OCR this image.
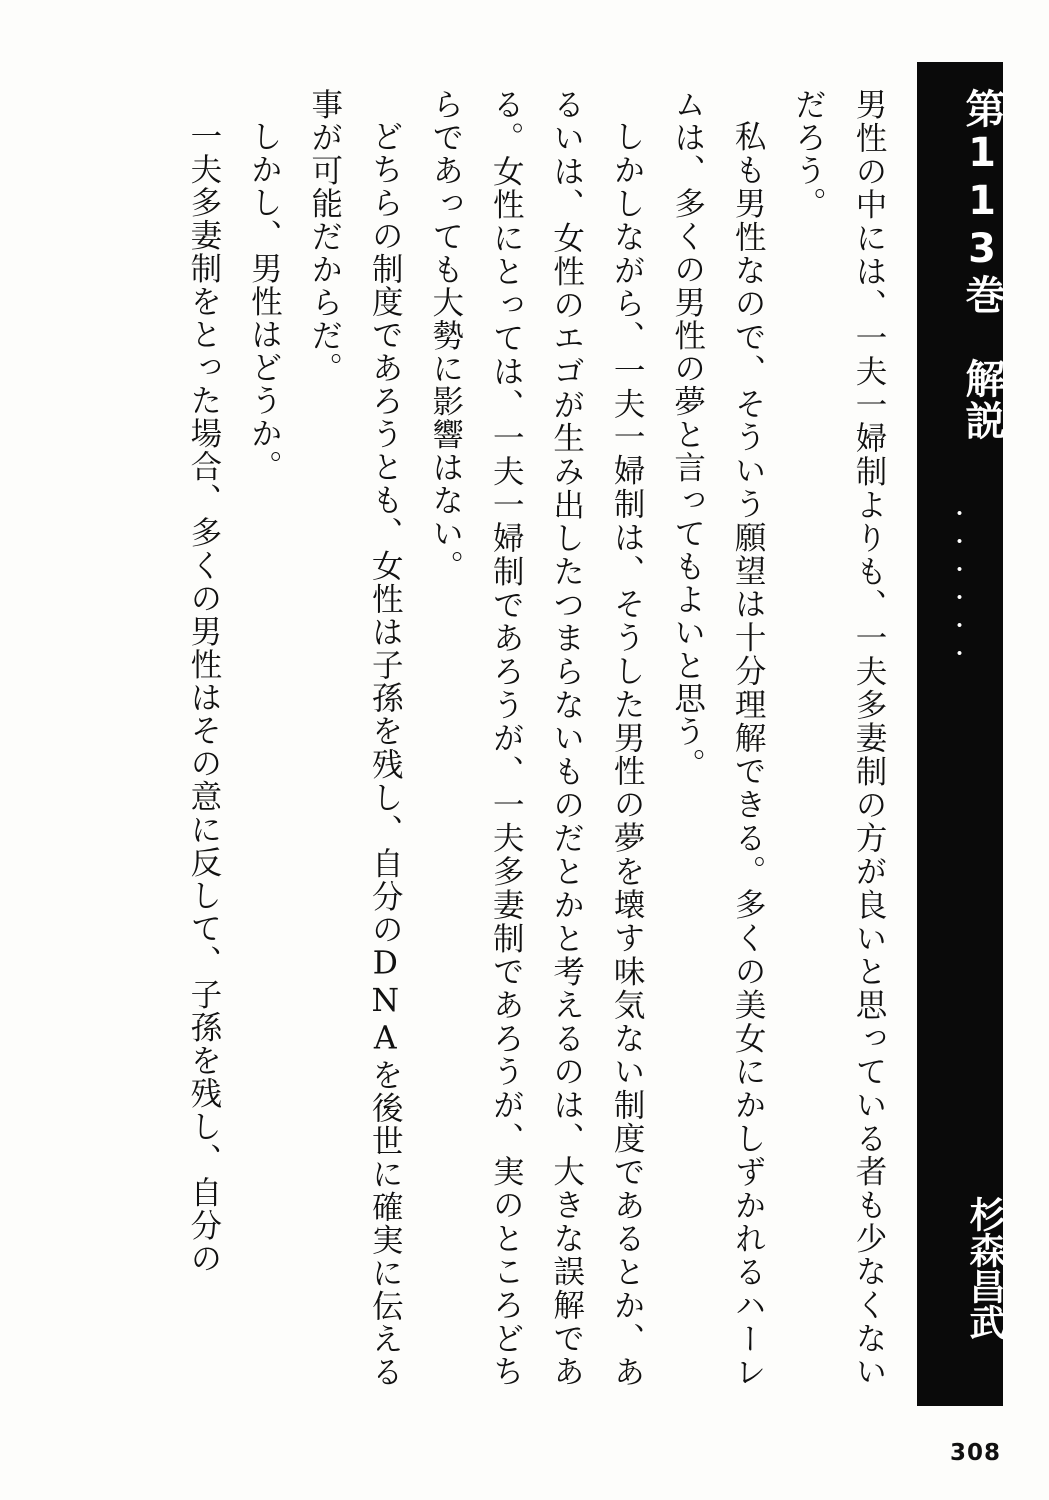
第113巻　解説
・・・・・・
杉森昌武

男性の中には、一夫一婦制よりも、一夫多妻制の方が良いと思っている者も少なくないだろう。

私も男性なので、そういう願望は十分理解できる。多くの美女にかしずかれるハーレムは、多くの男性の夢と言ってもよいと思う。

しかしながら、一夫一婦制は、そうした男性の夢を壊す味気ない制度であるとか、あるいは、女性のエゴが生み出したつまらないものだとかと考えるのは、大きな誤解である。女性にとっては、一夫一婦制であろうが、一夫多妻制であろうが、実のところどちらであっても大勢に影響はない。

どちらの制度であろうとも、女性は子孫を残し、自分のDNAを後世に確実に伝える事が可能だからだ。

しかし、男性はどうか。

一夫多妻制をとった場合、多くの男性はその意に反して、子孫を残し、自分の

308
